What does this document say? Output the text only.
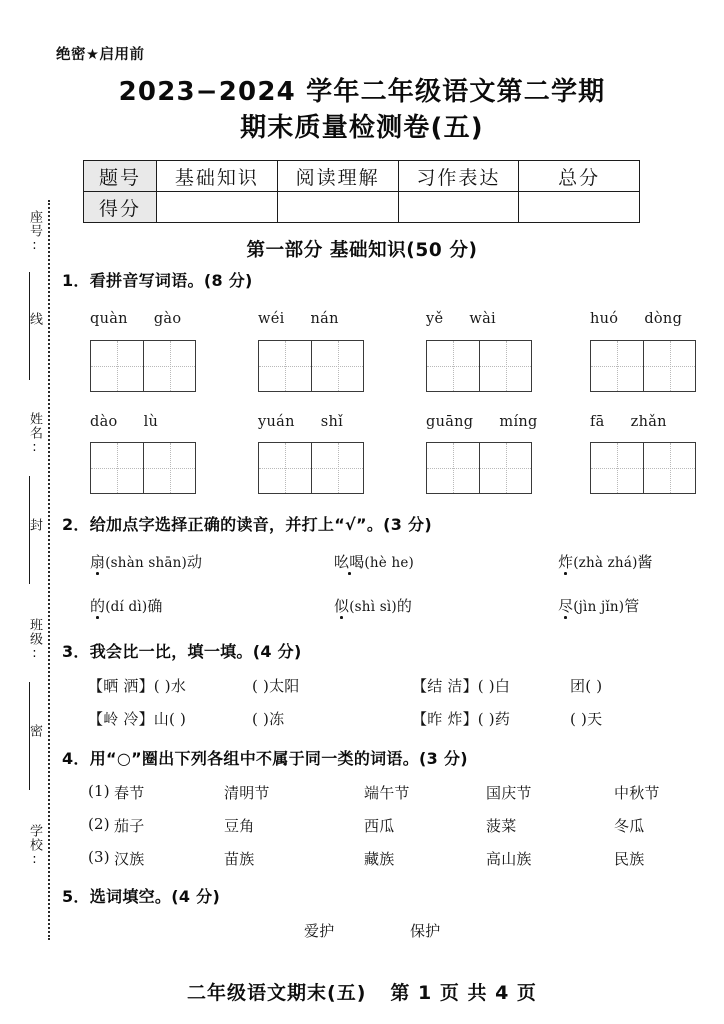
座号:
线
姓名:
封
班级:
密
学校:
绝密★启用前
2023−2024 学年二年级语文第二学期
期末质量检测卷(五)
题号	基础知识	阅读理解	习作表达	总分
得分				
第一部分 基础知识(50 分)
1．看拼音写词语。(8 分)
quàn gào	wéi nán	yě wài	huó dòng
dào lù	yuán shǐ	guāng míng	fā zhǎn
2．给加点字选择正确的读音，并打上“√”。(3 分)
扇(shàn shān)动	吆喝(hè he)	炸(zhà zhá)酱
的(dí dì)确	似(shì sì)的	尽(jìn jǐn)管
3．我会比一比，填一填。(4 分)
【晒 洒】( )水	( )太阳	【结 洁】( )白	团( )
【岭 冷】山( )	( )冻	【昨 炸】( )药	( )天
4．用“○”圈出下列各组中不属于同一类的词语。(3 分)
(1) 春节	清明节	端午节	国庆节	中秋节
(2) 茄子	豆角	西瓜	菠菜	冬瓜
(3) 汉族	苗族	藏族	高山族	民族
5．选词填空。(4 分)
爱护	保护
二年级语文期末(五) 第 1 页 共 4 页
